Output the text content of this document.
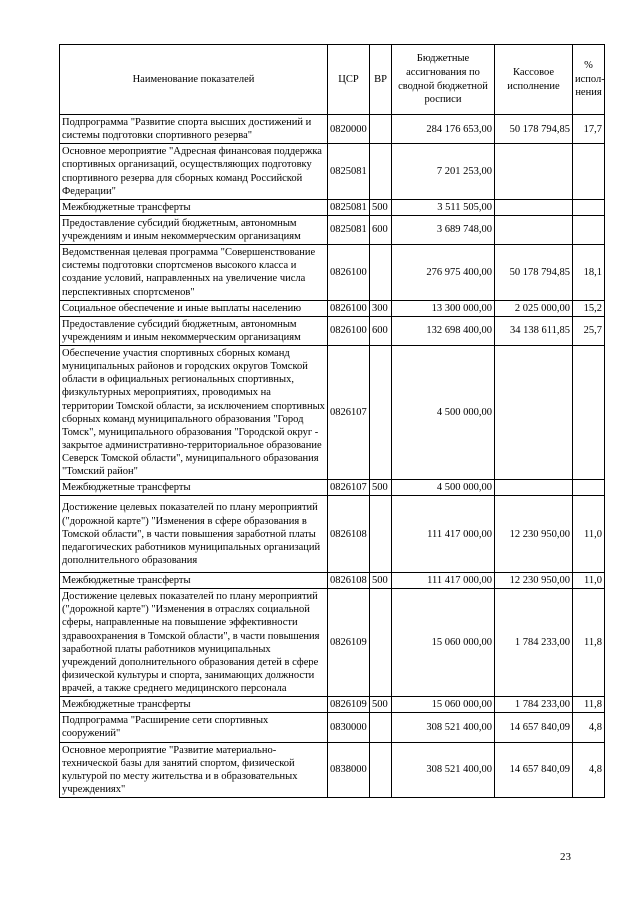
Наименование показателей	ЦСР	ВР	Бюджетные ассигнования по сводной бюджетной росписи	Кассовое исполнение	% испол-нения
Подпрограмма "Развитие спорта высших достижений и системы подготовки спортивного резерва"	0820000		284 176 653,00	50 178 794,85	17,7
Основное мероприятие "Адресная финансовая поддержка спортивных организаций, осуществляющих подготовку спортивного резерва для сборных команд Российской Федерации"	0825081		7 201 253,00		
Межбюджетные трансферты	0825081	500	3 511 505,00		
Предоставление субсидий бюджетным, автономным учреждениям и иным некоммерческим организациям	0825081	600	3 689 748,00		
Ведомственная целевая программа "Совершенствование системы подготовки спортсменов высокого класса и создание условий, направленных на увеличение числа перспективных спортсменов"	0826100		276 975 400,00	50 178 794,85	18,1
Социальное обеспечение и иные выплаты населению	0826100	300	13 300 000,00	2 025 000,00	15,2
Предоставление субсидий бюджетным, автономным учреждениям и иным некоммерческим организациям	0826100	600	132 698 400,00	34 138 611,85	25,7
Обеспечение участия спортивных сборных команд муниципальных районов и городских округов Томской области в официальных региональных спортивных, физкультурных мероприятиях, проводимых на территории Томской области, за исключением спортивных сборных команд муниципального образования "Город Томск", муниципального образования "Городской округ - закрытое административно-территориальное образование Северск Томской области", муниципального образования "Томский район"	0826107		4 500 000,00		
Межбюджетные трансферты	0826107	500	4 500 000,00		
Достижение целевых показателей по плану мероприятий ("дорожной карте") "Изменения в сфере образования в Томской области", в части повышения заработной платы педагогических работников муниципальных организаций дополнительного образования	0826108		111 417 000,00	12 230 950,00	11,0
Межбюджетные трансферты	0826108	500	111 417 000,00	12 230 950,00	11,0
Достижение целевых показателей по плану мероприятий ("дорожной карте") "Изменения в отраслях социальной сферы, направленные на повышение эффективности здравоохранения в Томской области", в части повышения заработной платы работников муниципальных учреждений дополнительного образования детей в сфере физической культуры и спорта, занимающих должности врачей, а также среднего медицинского персонала	0826109		15 060 000,00	1 784 233,00	11,8
Межбюджетные трансферты	0826109	500	15 060 000,00	1 784 233,00	11,8
Подпрограмма "Расширение сети спортивных сооружений"	0830000		308 521 400,00	14 657 840,09	4,8
Основное мероприятие "Развитие материально-технической базы для занятий спортом, физической культурой по месту жительства и в образовательных учреждениях"	0838000		308 521 400,00	14 657 840,09	4,8
23
